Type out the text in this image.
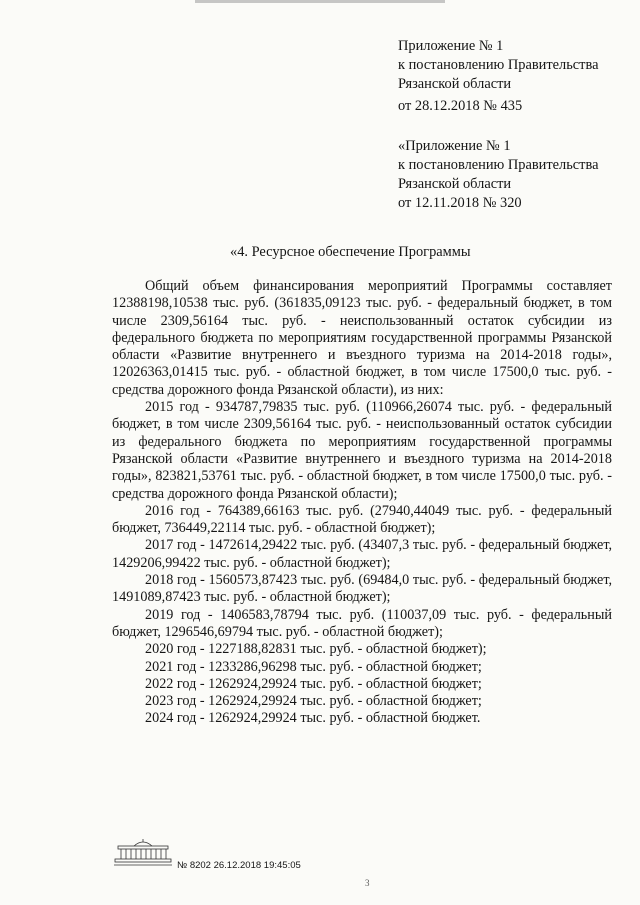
Приложение № 1
к постановлению Правительства
Рязанской области
от 28.12.2018 № 435
«Приложение № 1
к постановлению Правительства
Рязанской области
от 12.11.2018 № 320
«4. Ресурсное обеспечение Программы

Общий объем финансирования мероприятий Программы составляет 12388198,10538 тыс. руб. (361835,09123 тыс. руб. - федеральный бюджет, в том числе 2309,56164 тыс. руб. - неиспользованный остаток субсидии из федерального бюджета по мероприятиям государственной программы Рязанской области «Развитие внутреннего и въездного туризма на 2014-2018 годы», 12026363,01415 тыс. руб. - областной бюджет, в том числе 17500,0 тыс. руб. - средства дорожного фонда Рязанской области), из них:

2015 год - 934787,79835 тыс. руб. (110966,26074 тыс. руб. - федеральный бюджет, в том числе 2309,56164 тыс. руб. - неиспользованный остаток субсидии из федерального бюджета по мероприятиям государственной программы Рязанской области «Развитие внутреннего и въездного туризма на 2014-2018 годы», 823821,53761 тыс. руб. - областной бюджет, в том числе 17500,0 тыс. руб. - средства дорожного фонда Рязанской области);

2016 год - 764389,66163 тыс. руб. (27940,44049 тыс. руб. - федеральный бюджет, 736449,22114 тыс. руб. - областной бюджет);

2017 год - 1472614,29422 тыс. руб. (43407,3 тыс. руб. - федеральный бюджет, 1429206,99422 тыс. руб. - областной бюджет);

2018 год - 1560573,87423 тыс. руб. (69484,0 тыс. руб. - федеральный бюджет, 1491089,87423 тыс. руб. - областной бюджет);

2019 год - 1406583,78794 тыс. руб. (110037,09 тыс. руб. - федеральный бюджет, 1296546,69794 тыс. руб. - областной бюджет);

2020 год - 1227188,82831 тыс. руб. - областной бюджет);

2021 год - 1233286,96298 тыс. руб. - областной бюджет;

2022 год - 1262924,29924 тыс. руб. - областной бюджет;

2023 год - 1262924,29924 тыс. руб. - областной бюджет;

2024 год - 1262924,29924 тыс. руб. - областной бюджет.

№ 8202 26.12.2018 19:45:05
3
